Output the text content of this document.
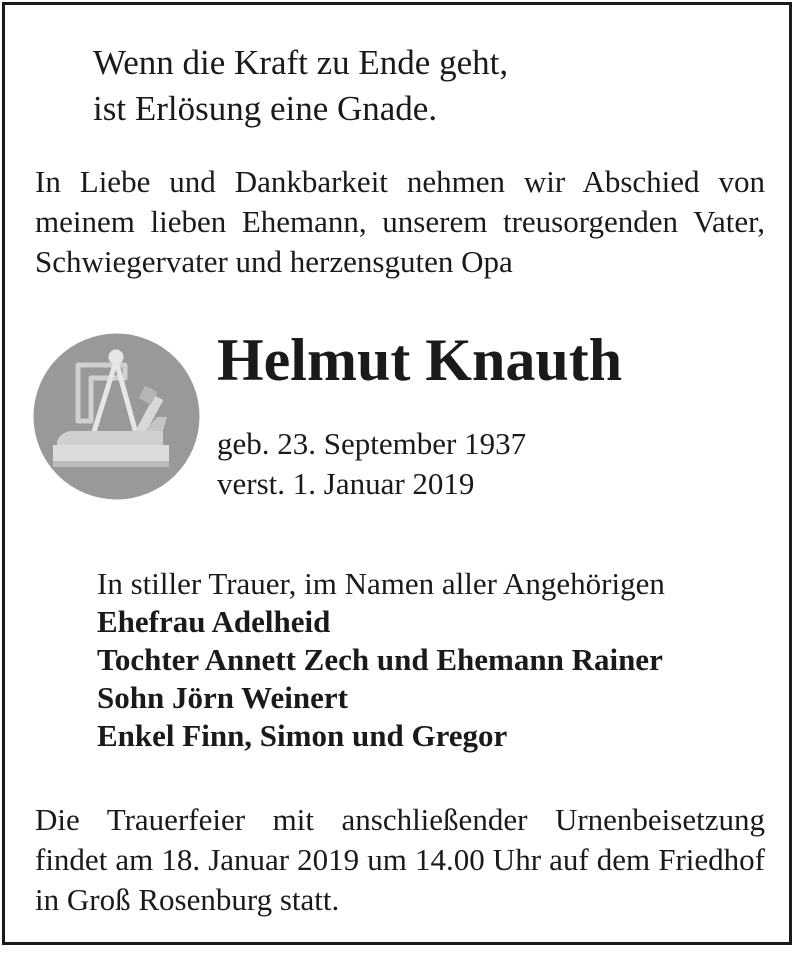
Wenn die Kraft zu Ende geht,
ist Erlösung eine Gnade.
In Liebe und Dankbarkeit nehmen wir Abschied von meinem lieben Ehemann, unserem treusorgenden Vater, Schwiegervater und herzensguten Opa
Helmut Knauth
geb. 23. September 1937
verst. 1. Januar 2019
In stiller Trauer, im Namen aller Angehörigen
Ehefrau Adelheid
Tochter Annett Zech und Ehemann Rainer
Sohn Jörn Weinert
Enkel Finn, Simon und Gregor
Die Trauerfeier mit anschließender Urnenbeisetzung findet am 18. Januar 2019 um 14.00 Uhr auf dem Friedhof in Groß Rosenburg statt.
